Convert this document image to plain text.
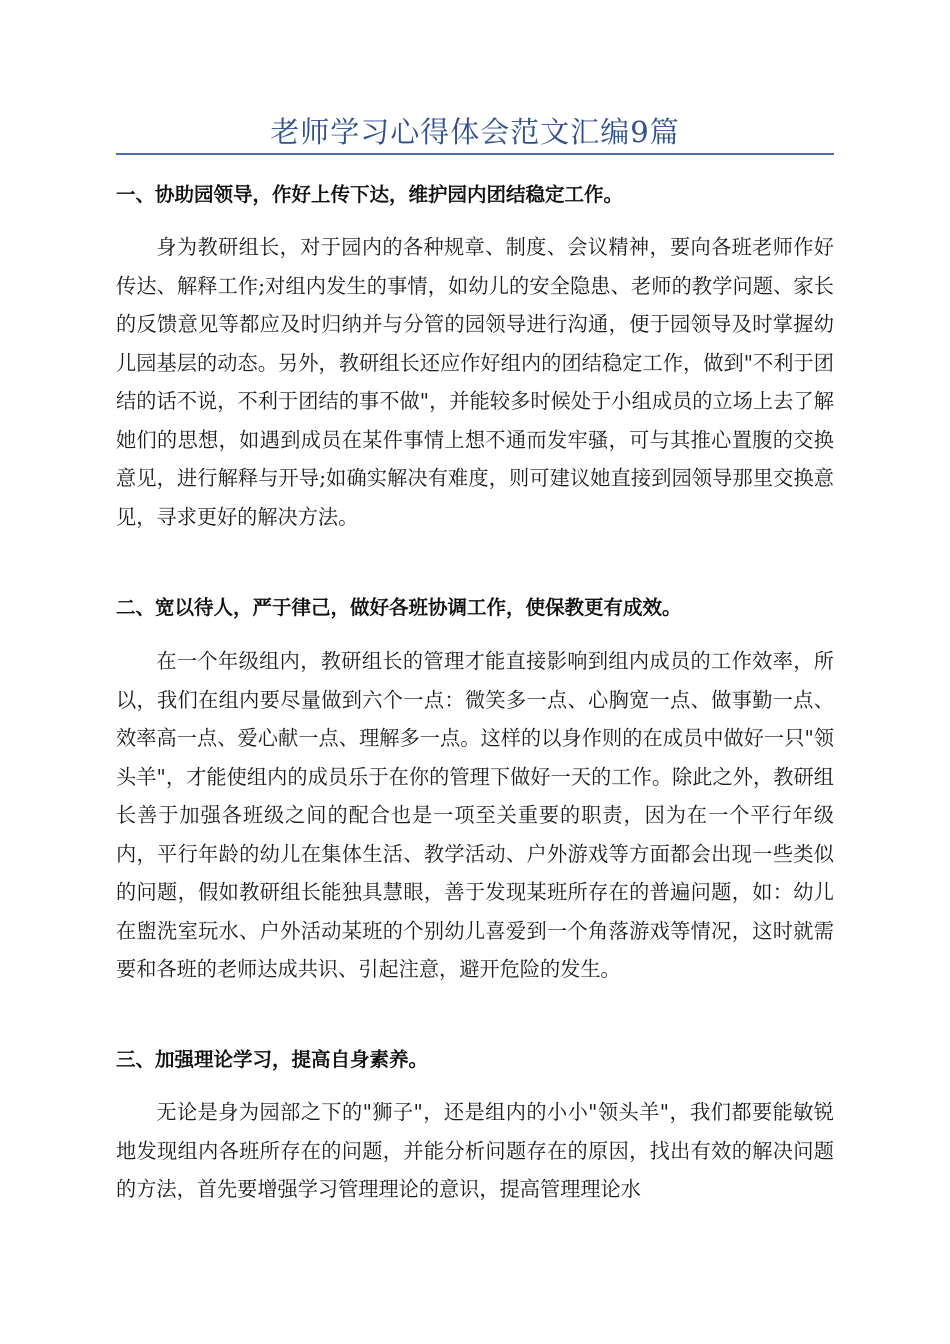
老师学习心得体会范文汇编9篇
一、协助园领导，作好上传下达，维护园内团结稳定工作。
身为教研组长，对于园内的各种规章、制度、会议精神，要向各班老师作好传达、解释工作;对组内发生的事情，如幼儿的安全隐患、老师的教学问题、家长的反馈意见等都应及时归纳并与分管的园领导进行沟通，便于园领导及时掌握幼儿园基层的动态。另外，教研组长还应作好组内的团结稳定工作，做到"不利于团结的话不说，不利于团结的事不做"，并能较多时候处于小组成员的立场上去了解她们的思想，如遇到成员在某件事情上想不通而发牢骚，可与其推心置腹的交换意见，进行解释与开导;如确实解决有难度，则可建议她直接到园领导那里交换意见，寻求更好的解决方法。
二、宽以待人，严于律己，做好各班协调工作，使保教更有成效。
在一个年级组内，教研组长的管理才能直接影响到组内成员的工作效率，所以，我们在组内要尽量做到六个一点：微笑多一点、心胸宽一点、做事勤一点、效率高一点、爱心献一点、理解多一点。这样的以身作则的在成员中做好一只"领头羊"，才能使组内的成员乐于在你的管理下做好一天的工作。除此之外，教研组长善于加强各班级之间的配合也是一项至关重要的职责，因为在一个平行年级内，平行年龄的幼儿在集体生活、教学活动、户外游戏等方面都会出现一些类似的问题，假如教研组长能独具慧眼，善于发现某班所存在的普遍问题，如：幼儿在盥洗室玩水、户外活动某班的个别幼儿喜爱到一个角落游戏等情况，这时就需要和各班的老师达成共识、引起注意，避开危险的发生。
三、加强理论学习，提高自身素养。
无论是身为园部之下的"狮子"，还是组内的小小"领头羊"，我们都要能敏锐地发现组内各班所存在的问题，并能分析问题存在的原因，找出有效的解决问题的方法，首先要增强学习管理理论的意识，提高管理理论水
